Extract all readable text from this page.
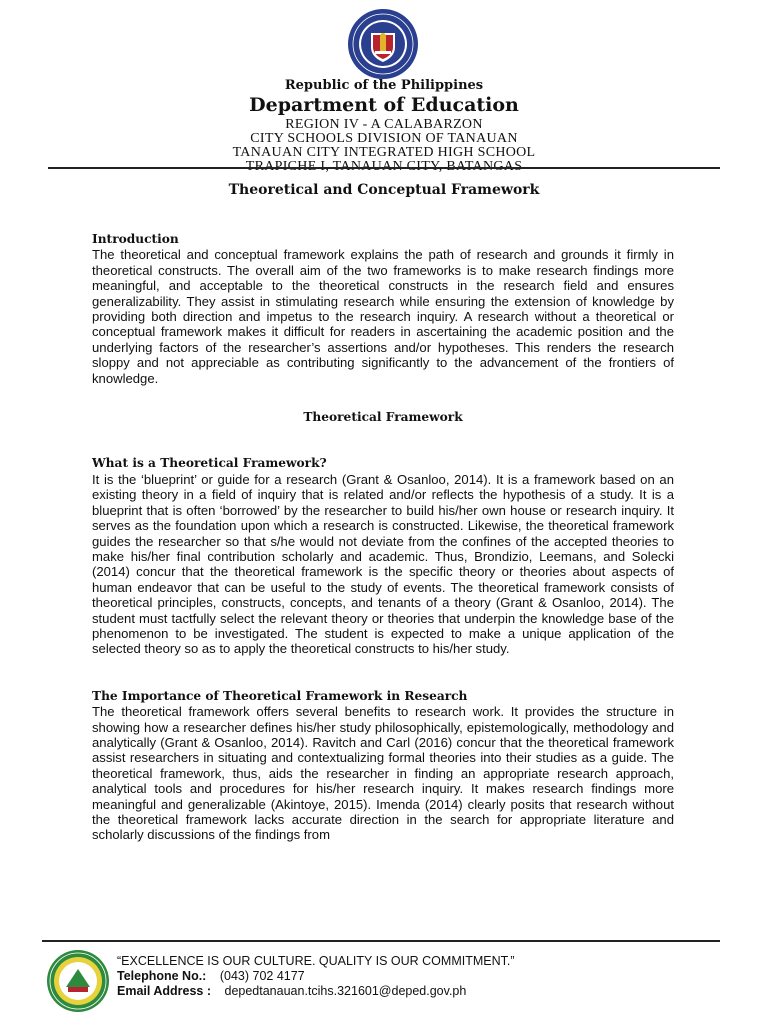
Republic of the Philippines
Department of Education
REGION IV - A CALABARZON
CITY SCHOOLS DIVISION OF TANAUAN
TANAUAN CITY INTEGRATED HIGH SCHOOL
TRAPICHE I, TANAUAN CITY, BATANGAS
Theoretical and Conceptual Framework
Introduction

The theoretical and conceptual framework explains the path of research and grounds it firmly in theoretical constructs. The overall aim of the two frameworks is to make research findings more meaningful, and acceptable to the theoretical constructs in the research field and ensures generalizability. They assist in stimulating research while ensuring the extension of knowledge by providing both direction and impetus to the research inquiry. A research without a theoretical or conceptual framework makes it difficult for readers in ascertaining the academic position and the underlying factors of the researcher’s assertions and/or hypotheses. This renders the research sloppy and not appreciable as contributing significantly to the advancement of the frontiers of knowledge.

Theoretical Framework
What is a Theoretical Framework?

It is the ‘blueprint’ or guide for a research (Grant & Osanloo, 2014). It is a framework based on an existing theory in a field of inquiry that is related and/or reflects the hypothesis of a study. It is a blueprint that is often ‘borrowed’ by the researcher to build his/her own house or research inquiry. It serves as the foundation upon which a research is constructed. Likewise, the theoretical framework guides the researcher so that s/he would not deviate from the confines of the accepted theories to make his/her final contribution scholarly and academic. Thus, Brondizio, Leemans, and Solecki (2014) concur that the theoretical framework is the specific theory or theories about aspects of human endeavor that can be useful to the study of events. The theoretical framework consists of theoretical principles, constructs, concepts, and tenants of a theory (Grant & Osanloo, 2014). The student must tactfully select the relevant theory or theories that underpin the knowledge base of the phenomenon to be investigated. The student is expected to make a unique application of the selected theory so as to apply the theoretical constructs to his/her study.

The Importance of Theoretical Framework in Research

The theoretical framework offers several benefits to research work. It provides the structure in showing how a researcher defines his/her study philosophically, epistemologically, methodology and analytically (Grant & Osanloo, 2014). Ravitch and Carl (2016) concur that the theoretical framework assist researchers in situating and contextualizing formal theories into their studies as a guide. The theoretical framework, thus, aids the researcher in finding an appropriate research approach, analytical tools and procedures for his/her research inquiry. It makes research findings more meaningful and generalizable (Akintoye, 2015). Imenda (2014) clearly posits that research without the theoretical framework lacks accurate direction in the search for appropriate literature and scholarly discussions of the findings from

“EXCELLENCE IS OUR CULTURE. QUALITY IS OUR COMMITMENT.”
Telephone No.: (043) 702 4177
Email Address : depedtanauan.tcihs.321601@deped.gov.ph
